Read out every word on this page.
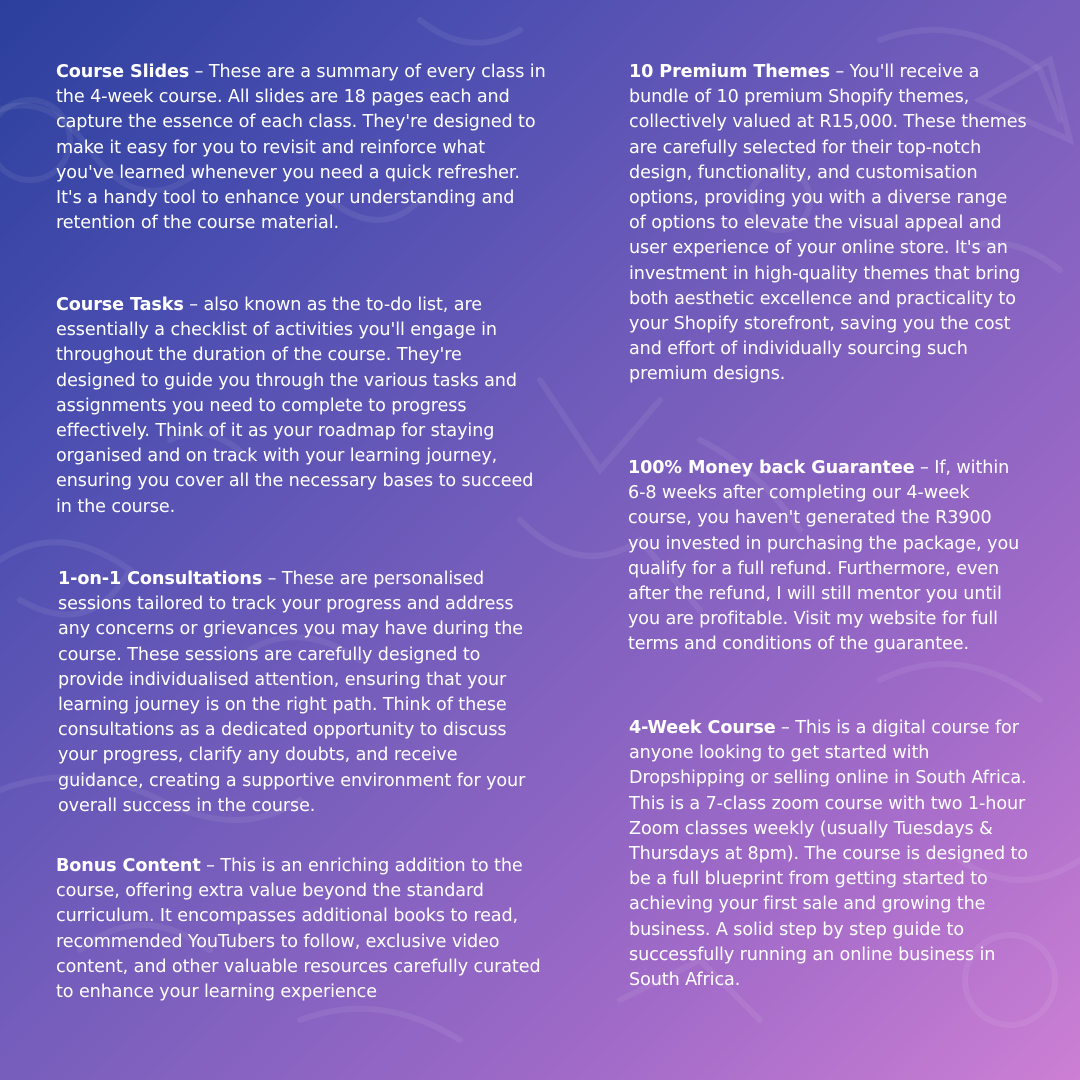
Course Slides – These are a summary of every class in the 4-week course. All slides are 18 pages each and capture the essence of each class. They're designed to make it easy for you to revisit and reinforce what you've learned whenever you need a quick refresher. It's a handy tool to enhance your understanding and retention of the course material.

Course Tasks – also known as the to-do list, are essentially a checklist of activities you'll engage in throughout the duration of the course. They're designed to guide you through the various tasks and assignments you need to complete to progress effectively. Think of it as your roadmap for staying organised and on track with your learning journey, ensuring you cover all the necessary bases to succeed in the course.

1-on-1 Consultations – These are personalised sessions tailored to track your progress and address any concerns or grievances you may have during the course. These sessions are carefully designed to provide individualised attention, ensuring that your learning journey is on the right path. Think of these consultations as a dedicated opportunity to discuss your progress, clarify any doubts, and receive guidance, creating a supportive environment for your overall success in the course.

Bonus Content – This is an enriching addition to the course, offering extra value beyond the standard curriculum. It encompasses additional books to read, recommended YouTubers to follow, exclusive video content, and other valuable resources carefully curated to enhance your learning experience

10 Premium Themes – You'll receive a bundle of 10 premium Shopify themes, collectively valued at R15,000. These themes are carefully selected for their top-notch design, functionality, and customisation options, providing you with a diverse range of options to elevate the visual appeal and user experience of your online store. It's an investment in high-quality themes that bring both aesthetic excellence and practicality to your Shopify storefront, saving you the cost and effort of individually sourcing such premium designs.

100% Money back Guarantee – If, within 6-8 weeks after completing our 4-week course, you haven't generated the R3900 you invested in purchasing the package, you qualify for a full refund. Furthermore, even after the refund, I will still mentor you until you are profitable. Visit my website for full terms and conditions of the guarantee.

4-Week Course – This is a digital course for anyone looking to get started with Dropshipping or selling online in South Africa. This is a 7-class zoom course with two 1-hour Zoom classes weekly (usually Tuesdays & Thursdays at 8pm). The course is designed to be a full blueprint from getting started to achieving your first sale and growing the business. A solid step by step guide to successfully running an online business in South Africa.
